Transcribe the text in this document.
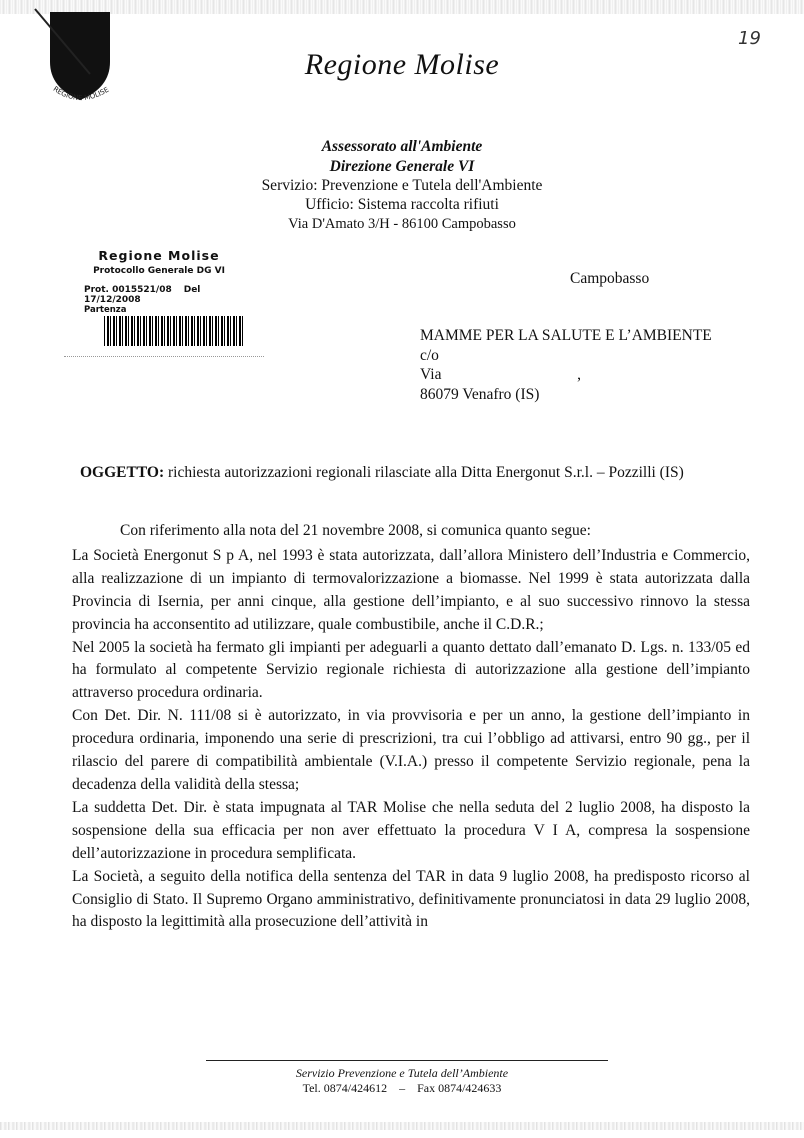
REGIONE MOLISE
19
Regione Molise
Assessorato all'Ambiente
Direzione Generale VI
Servizio: Prevenzione e Tutela dell'Ambiente
Ufficio: Sistema raccolta rifiuti
Via D'Amato 3/H - 86100 Campobasso
Regione Molise
Protocollo Generale DG VI
Prot. 0015521/08 Del 17/12/2008
Partenza
Campobasso
MAMME PER LA SALUTE E L’AMBIENTE
c/o
Via                                   ,
86079 Venafro (IS)
OGGETTO: richiesta autorizzazioni regionali rilasciate alla Ditta Energonut S.r.l. – Pozzilli (IS)

Con riferimento alla nota del 21 novembre 2008, si comunica quanto segue:

La Società Energonut S p A, nel 1993 è stata autorizzata, dall’allora Ministero dell’Industria e Commercio, alla realizzazione di un impianto di termovalorizzazione a biomasse. Nel 1999 è stata autorizzata dalla Provincia di Isernia, per anni cinque, alla gestione dell’impianto, e al suo successivo rinnovo la stessa provincia ha acconsentito ad utilizzare, quale combustibile, anche il C.D.R.;

Nel 2005 la società ha fermato gli impianti per adeguarli a quanto dettato dall’emanato D. Lgs. n. 133/05 ed ha formulato al competente Servizio regionale richiesta di autorizzazione alla gestione dell’impianto attraverso procedura ordinaria.

Con Det. Dir. N. 111/08 si è autorizzato, in via provvisoria e per un anno, la gestione dell’impianto in procedura ordinaria, imponendo una serie di prescrizioni, tra cui l’obbligo ad attivarsi, entro 90 gg., per il rilascio del parere di compatibilità ambientale (V.I.A.) presso il competente Servizio regionale, pena la decadenza della validità della stessa;

La suddetta Det. Dir. è stata impugnata al TAR Molise che nella seduta del 2 luglio 2008, ha disposto la sospensione della sua efficacia per non aver effettuato la procedura V I A, compresa la sospensione dell’autorizzazione in procedura semplificata.

La Società, a seguito della notifica della sentenza del TAR in data 9 luglio 2008, ha predisposto ricorso al Consiglio di Stato. Il Supremo Organo amministrativo, definitivamente pronunciatosi in data 29 luglio 2008, ha disposto la legittimità alla prosecuzione dell’attività in

Servizio Prevenzione e Tutela dell’Ambiente
Tel. 0874/424612 – Fax 0874/424633
